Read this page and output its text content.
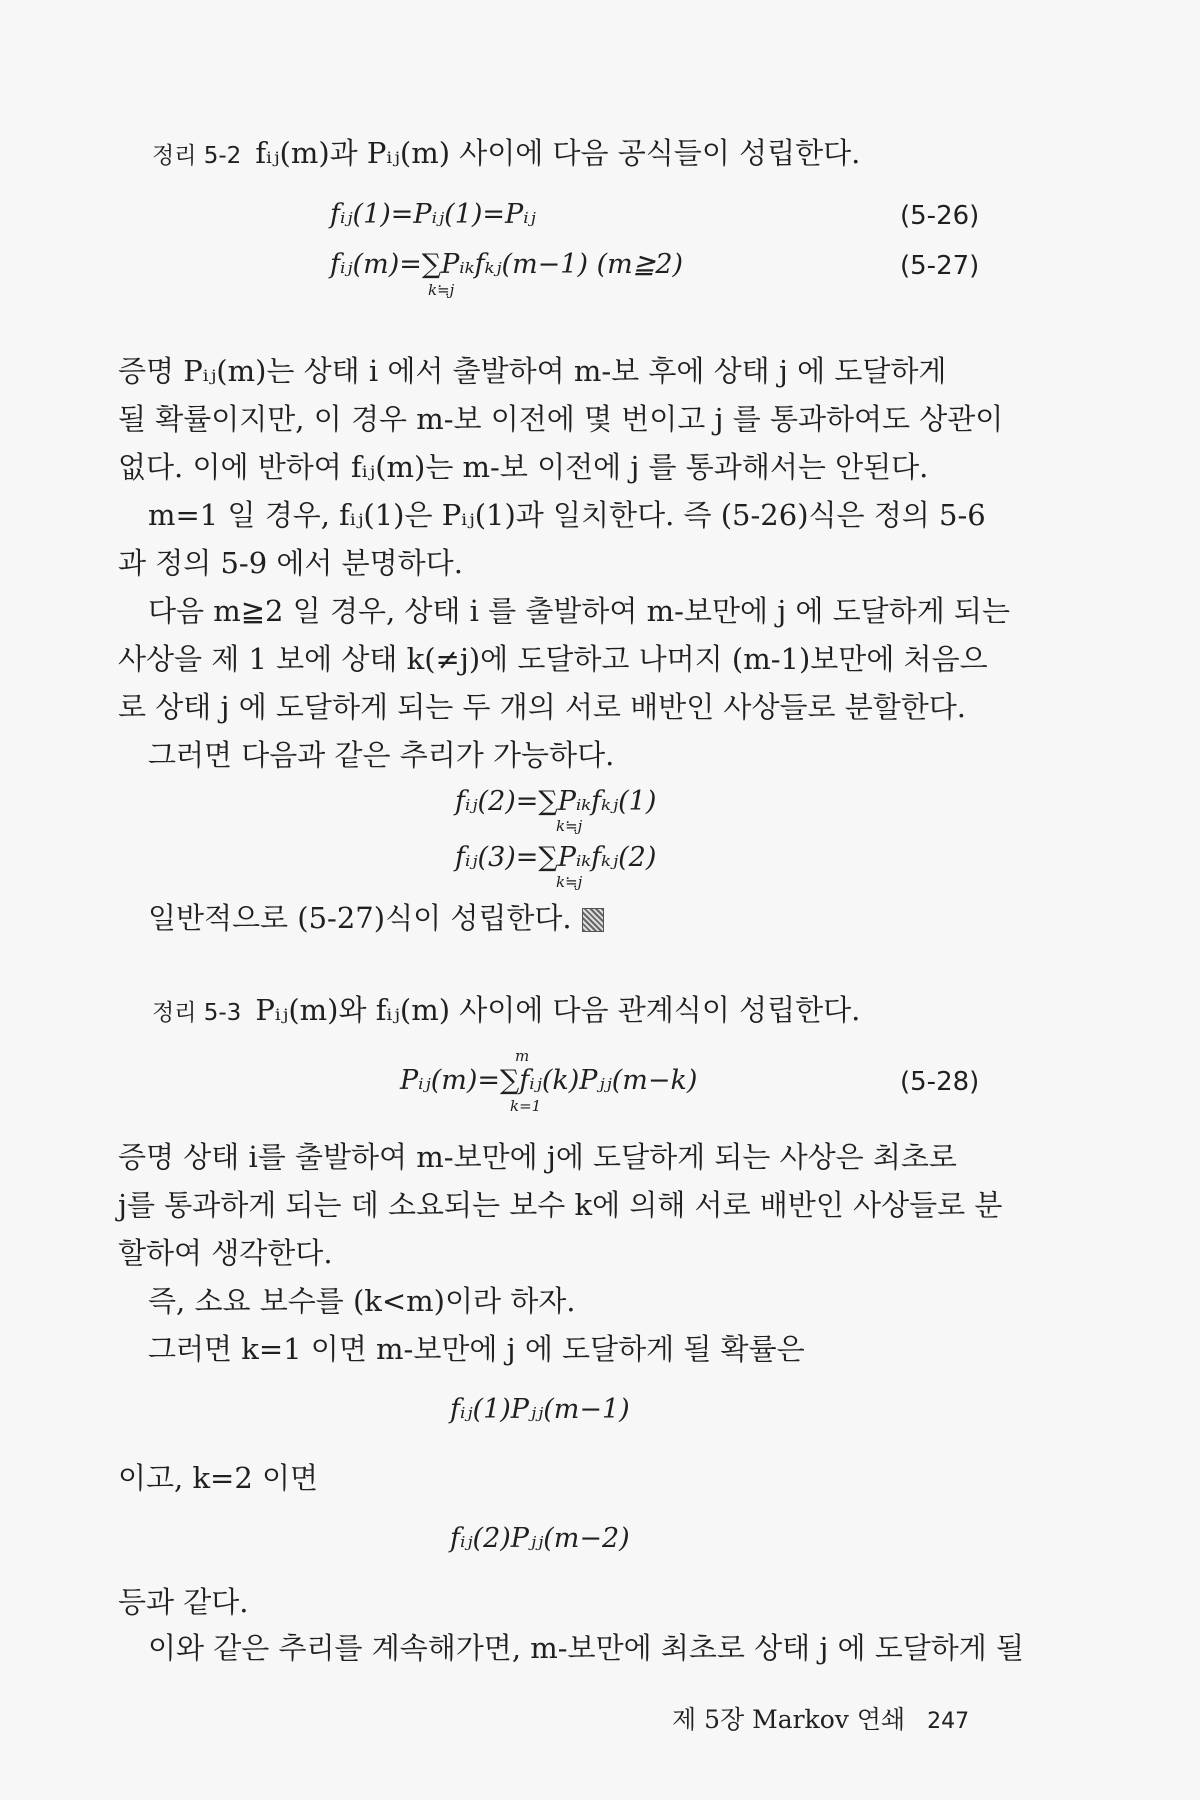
정리 5-2 fᵢⱼ(m)과 Pᵢⱼ(m) 사이에 다음 공식들이 성립한다.
fᵢⱼ(1)=Pᵢⱼ(1)=Pᵢⱼ	(5-26)
fᵢⱼ(m)=∑Pᵢₖfₖⱼ(m−1) (m≧2)
k≒j
(5-27)
증명 Pᵢⱼ(m)는 상태 i 에서 출발하여 m-보 후에 상태 j 에 도달하게
될 확률이지만, 이 경우 m-보 이전에 몇 번이고 j 를 통과하여도 상관이
없다. 이에 반하여 fᵢⱼ(m)는 m-보 이전에 j 를 통과해서는 안된다.
m=1 일 경우, fᵢⱼ(1)은 Pᵢⱼ(1)과 일치한다. 즉 (5-26)식은 정의 5-6
과 정의 5-9 에서 분명하다.
다음 m≧2 일 경우, 상태 i 를 출발하여 m-보만에 j 에 도달하게 되는
사상을 제 1 보에 상태 k(≠j)에 도달하고 나머지 (m-1)보만에 처음으
로 상태 j 에 도달하게 되는 두 개의 서로 배반인 사상들로 분할한다.
그러면 다음과 같은 추리가 가능하다.
fᵢⱼ(2)=∑Pᵢₖfₖⱼ(1)
k≒j
fᵢⱼ(3)=∑Pᵢₖfₖⱼ(2)
k≒j
일반적으로 (5-27)식이 성립한다.
정리 5-3 Pᵢⱼ(m)와 fᵢⱼ(m) 사이에 다음 관계식이 성립한다.
m
Pᵢⱼ(m)=∑fᵢⱼ(k)Pⱼⱼ(m−k)
k=1
(5-28)
증명 상태 i를 출발하여 m-보만에 j에 도달하게 되는 사상은 최초로
j를 통과하게 되는 데 소요되는 보수 k에 의해 서로 배반인 사상들로 분
할하여 생각한다.
즉, 소요 보수를 (k<m)이라 하자.
그러면 k=1 이면 m-보만에 j 에 도달하게 될 확률은
fᵢⱼ(1)Pⱼⱼ(m−1)
이고, k=2 이면
fᵢⱼ(2)Pⱼⱼ(m−2)
등과 같다.
이와 같은 추리를 계속해가면, m-보만에 최초로 상태 j 에 도달하게 될
제 5장 Markov 연쇄 247
